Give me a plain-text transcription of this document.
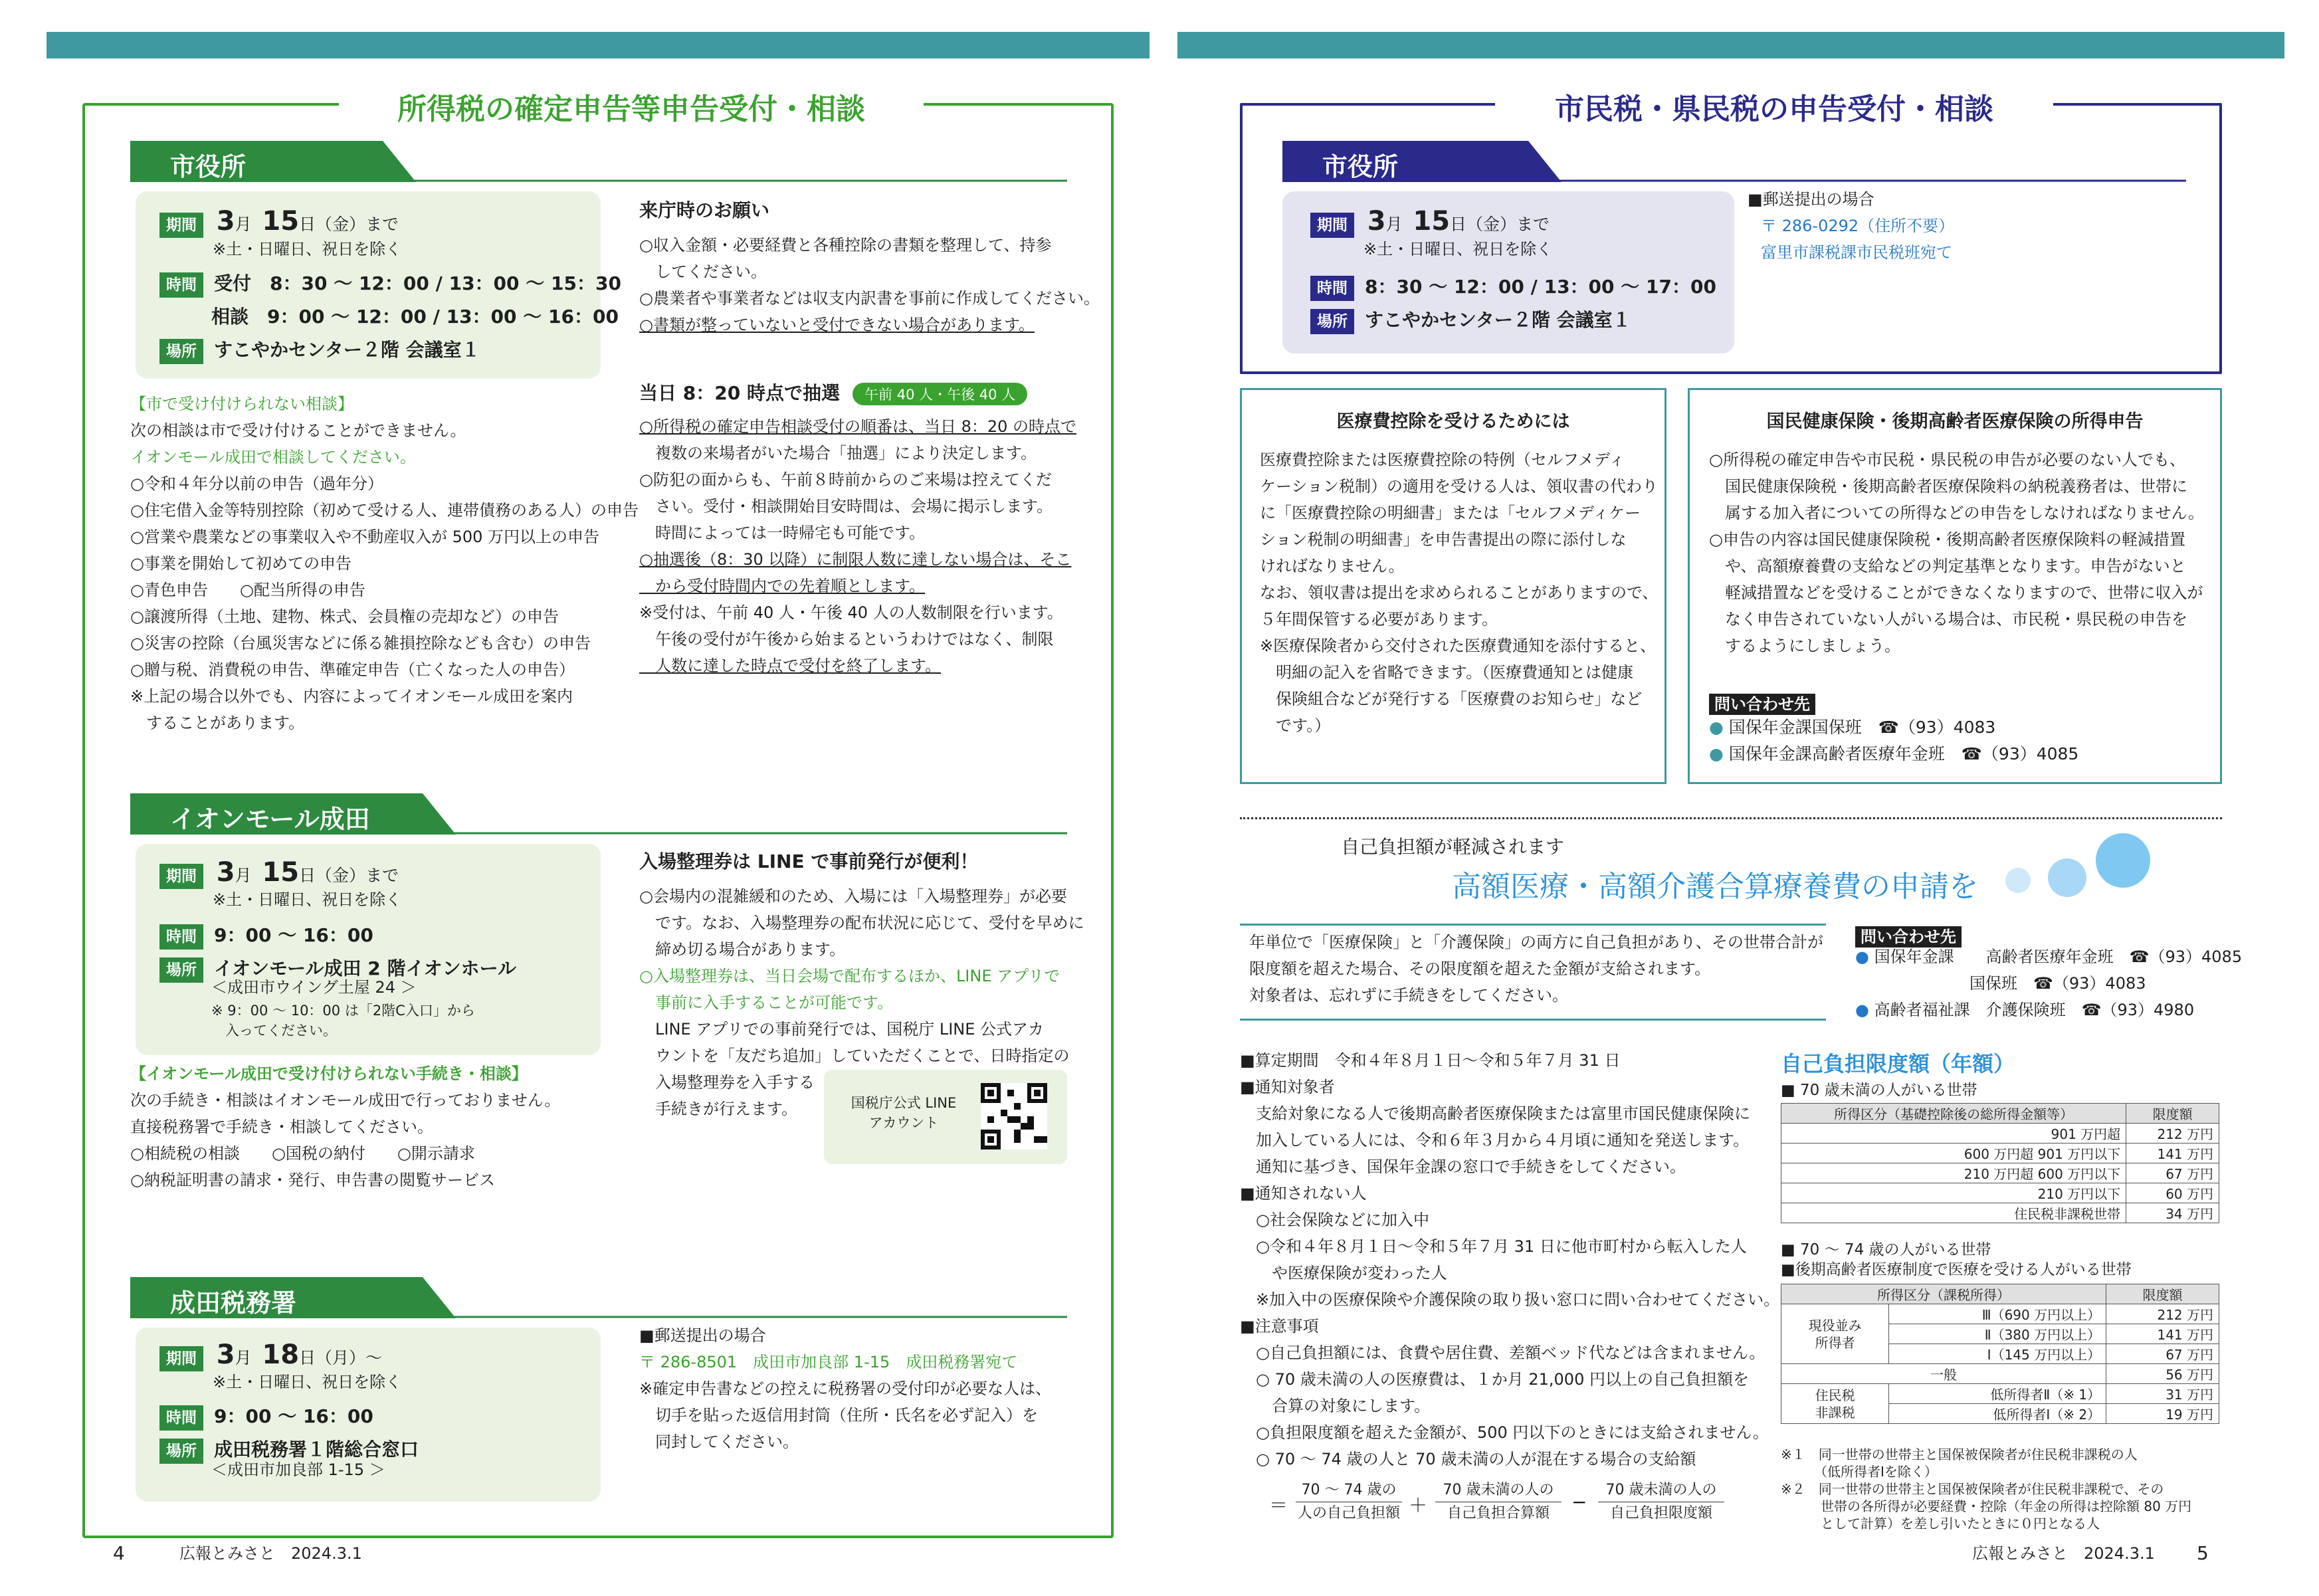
所得税の確定申告等申告受付・相談
市役所
期間 3月 15日（金）まで
※土・日曜日、祝日を除く
時間 受付　8：30 〜 12：00 / 13：00 〜 15：30
相談　9：00 〜 12：00 / 13：00 〜 16：00
場所 すこやかセンター２階 会議室１
【市で受け付けられない相談】
次の相談は市で受け付けることができません。
イオンモール成田で相談してください。
○令和４年分以前の申告（過年分）
○住宅借入金等特別控除（初めて受ける人、連帯債務のある人）の申告
○営業や農業などの事業収入や不動産収入が 500 万円以上の申告
○事業を開始して初めての申告
○青色申告　　○配当所得の申告
○譲渡所得（土地、建物、株式、会員権の売却など）の申告
○災害の控除（台風災害などに係る雑損控除なども含む）の申告
○贈与税、消費税の申告、準確定申告（亡くなった人の申告）
※上記の場合以外でも、内容によってイオンモール成田を案内
　することがあります。
来庁時のお願い
○収入金額・必要経費と各種控除の書類を整理して、持参
　してください。
○農業者や事業者などは収支内訳書を事前に作成してください。
○書類が整っていないと受付できない場合があります。
当日 8：20 時点で抽選 午前 40 人・午後 40 人
○所得税の確定申告相談受付の順番は、当日 8：20 の時点で
　複数の来場者がいた場合「抽選」により決定します。
○防犯の面からも、午前８時前からのご来場は控えてくだ
　さい。受付・相談開始目安時間は、会場に掲示します。
　時間によっては一時帰宅も可能です。
○抽選後（8：30 以降）に制限人数に達しない場合は、そこ
　から受付時間内での先着順とします。
※受付は、午前 40 人・午後 40 人の人数制限を行います。
　午後の受付が午後から始まるというわけではなく、制限
　人数に達した時点で受付を終了します。
イオンモール成田
期間 3月 15日（金）まで
※土・日曜日、祝日を除く
時間 9：00 〜 16：00
場所 イオンモール成田 2 階イオンホール
＜成田市ウイング土屋 24 ＞
※ 9：00 〜 10：00 は「2階C入口」から
　入ってください。
【イオンモール成田で受け付けられない手続き・相談】
次の手続き・相談はイオンモール成田で行っておりません。
直接税務署で手続き・相談してください。
○相続税の相談　　○国税の納付　　○開示請求
○納税証明書の請求・発行、申告書の閲覧サービス
入場整理券は LINE で事前発行が便利！
○会場内の混雑緩和のため、入場には「入場整理券」が必要
　です。なお、入場整理券の配布状況に応じて、受付を早めに
　締め切る場合があります。
○入場整理券は、当日会場で配布するほか、LINE アプリで
　事前に入手することが可能です。
　LINE アプリでの事前発行では、国税庁 LINE 公式アカ
　ウントを「友だち追加」していただくことで、日時指定の
　入場整理券を入手する
　手続きが行えます。	国税庁公式 LINE
アカウント
成田税務署
期間 3月 18日（月）〜
※土・日曜日、祝日を除く
時間 9：00 〜 16：00
場所 成田税務署１階総合窓口
＜成田市加良部 1-15 ＞
■郵送提出の場合
〒 286-8501　成田市加良部 1-15　成田税務署宛て
※確定申告書などの控えに税務署の受付印が必要な人は、
　切手を貼った返信用封筒（住所・氏名を必ず記入）を
　同封してください。
4	広報とみさと　2024.3.1
市民税・県民税の申告受付・相談
市役所
期間 3月 15日（金）まで
※土・日曜日、祝日を除く
時間 8：30 〜 12：00 / 13：00 〜 17：00
場所 すこやかセンター２階 会議室１
■郵送提出の場合
〒 286-0292（住所不要）
富里市課税課市民税班宛て
医療費控除を受けるためには
医療費控除または医療費控除の特例（セルフメディ
ケーション税制）の適用を受ける人は、領収書の代わり
に「医療費控除の明細書」または「セルフメディケー
ション税制の明細書」を申告書提出の際に添付しな
ければなりません。
なお、領収書は提出を求められることがありますので、
５年間保管する必要があります。
※医療保険者から交付された医療費通知を添付すると、
　明細の記入を省略できます。（医療費通知とは健康
　保険組合などが発行する「医療費のお知らせ」など
　です。）
国民健康保険・後期高齢者医療保険の所得申告
○所得税の確定申告や市民税・県民税の申告が必要のない人でも、
　国民健康保険税・後期高齢者医療保険料の納税義務者は、世帯に
　属する加入者についての所得などの申告をしなければなりません。
○申告の内容は国民健康保険税・後期高齢者医療保険料の軽減措置
　や、高額療養費の支給などの判定基準となります。申告がないと
　軽減措置などを受けることができなくなりますので、世帯に収入が
　なく申告されていない人がいる場合は、市民税・県民税の申告を
　するようにしましょう。
問い合わせ先
● 国保年金課国保班　☎（93）4083
● 国保年金課高齢者医療年金班　☎（93）4085
自己負担額が軽減されます
高額医療・高額介護合算療養費の申請を
年単位で「医療保険」と「介護保険」の両方に自己負担があり、その世帯合計が
限度額を超えた場合、その限度額を超えた金額が支給されます。
対象者は、忘れずに手続きをしてください。
問い合わせ先
● 国保年金課　　高齢者医療年金班　☎（93）4085
国保班　☎（93）4083
● 高齢者福祉課　介護保険班　☎（93）4980
■算定期間　令和４年８月１日〜令和５年７月 31 日
■通知対象者
　支給対象になる人で後期高齢者医療保険または富里市国民健康保険に
　加入している人には、令和６年３月から４月頃に通知を発送します。
　通知に基づき、国保年金課の窓口で手続きをしてください。
■通知されない人
　○社会保険などに加入中
　○令和４年８月１日〜令和５年７月 31 日に他市町村から転入した人
　　や医療保険が変わった人
　※加入中の医療保険や介護保険の取り扱い窓口に問い合わせてください。
■注意事項
　○自己負担額には、食費や居住費、差額ベッド代などは含まれません。
　○ 70 歳未満の人の医療費は、１か月 21,000 円以上の自己負担額を
　　合算の対象にします。
　○負担限度額を超えた金額が、500 円以下のときには支給されません。
　○ 70 〜 74 歳の人と 70 歳未満の人が混在する場合の支給額
＝
70 〜 74 歳の
人の自己負担額 ＋
70 歳未満の人の
自己負担合算額
−
70 歳未満の人の
自己負担限度額
自己負担限度額（年額）
■ 70 歳未満の人がいる世帯
所得区分（基礎控除後の総所得金額等）	限度額
901 万円超	212 万円
600 万円超 901 万円以下	141 万円
210 万円超 600 万円以下	67 万円
210 万円以下	60 万円
住民税非課税世帯	34 万円
■ 70 〜 74 歳の人がいる世帯
■後期高齢者医療制度で医療を受ける人がいる世帯
所得区分（課税所得）		限度額

現役並み
所得者	Ⅲ（690 万円以上）	212 万円
	Ⅱ（380 万円以上）	141 万円
	Ⅰ（145 万円以上）	67 万円
一般		56 万円

住民税
非課税	低所得者Ⅱ（※ 1）	31 万円
	低所得者Ⅰ（※ 2）	19 万円
※１　同一世帯の世帯主と国保被保険者が住民税非課税の人
　　　（低所得者Ⅰを除く）
※２　同一世帯の世帯主と国保被保険者が住民税非課税で、その
　　　世帯の各所得が必要経費・控除（年金の所得は控除額 80 万円
　　　として計算）を差し引いたときに０円となる人
広報とみさと　2024.3.1 5
